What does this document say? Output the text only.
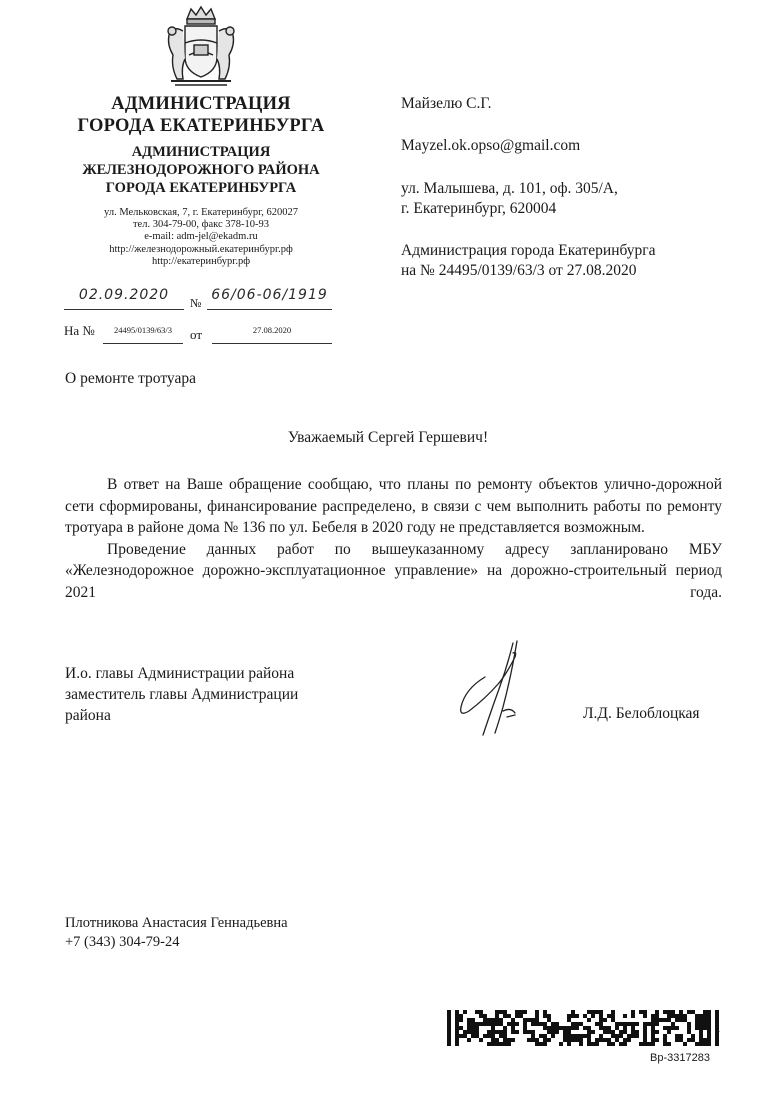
АДМИНИСТРАЦИЯ
ГОРОДА ЕКАТЕРИНБУРГА
АДМИНИСТРАЦИЯ
ЖЕЛЕЗНОДОРОЖНОГО РАЙОНА
ГОРОДА ЕКАТЕРИНБУРГА
ул. Мельковская, 7, г. Екатеринбург, 620027
тел. 304-79-00, факс 378-10-93
e-mail: adm-jel@ekadm.ru
http://железнодорожный.екатеринбург.рф
http://екатеринбург.рф
02.09.2020	№ 66/06-06/1919
На №	24495/0139/63/3	от	27.08.2020
Майзелю С.Г.
Mayzel.ok.opso@gmail.com
ул. Малышева, д. 101, оф. 305/А,
г. Екатеринбург, 620004
Администрация города Екатеринбурга
на № 24495/0139/63/3 от 27.08.2020
О ремонте тротуара
Уважаемый Сергей Гершевич!

В ответ на Ваше обращение сообщаю, что планы по ремонту объектов улично-дорожной сети сформированы, финансирование распределено, в связи с чем выполнить работы по ремонту тротуара в районе дома № 136 по ул. Бебеля в 2020 году не представляется возможным.

Проведение данных работ по вышеуказанному адресу запланировано МБУ «Железнодорожное дорожно-эксплуатационное управление» на дорожно-строительный период 2021 года.

И.о. главы Администрации района
заместитель главы Администрации
района	Л.Д. Белоблоцкая
Плотникова Анастасия Геннадьевна
+7 (343) 304-79-24
·
Вр-3317283
